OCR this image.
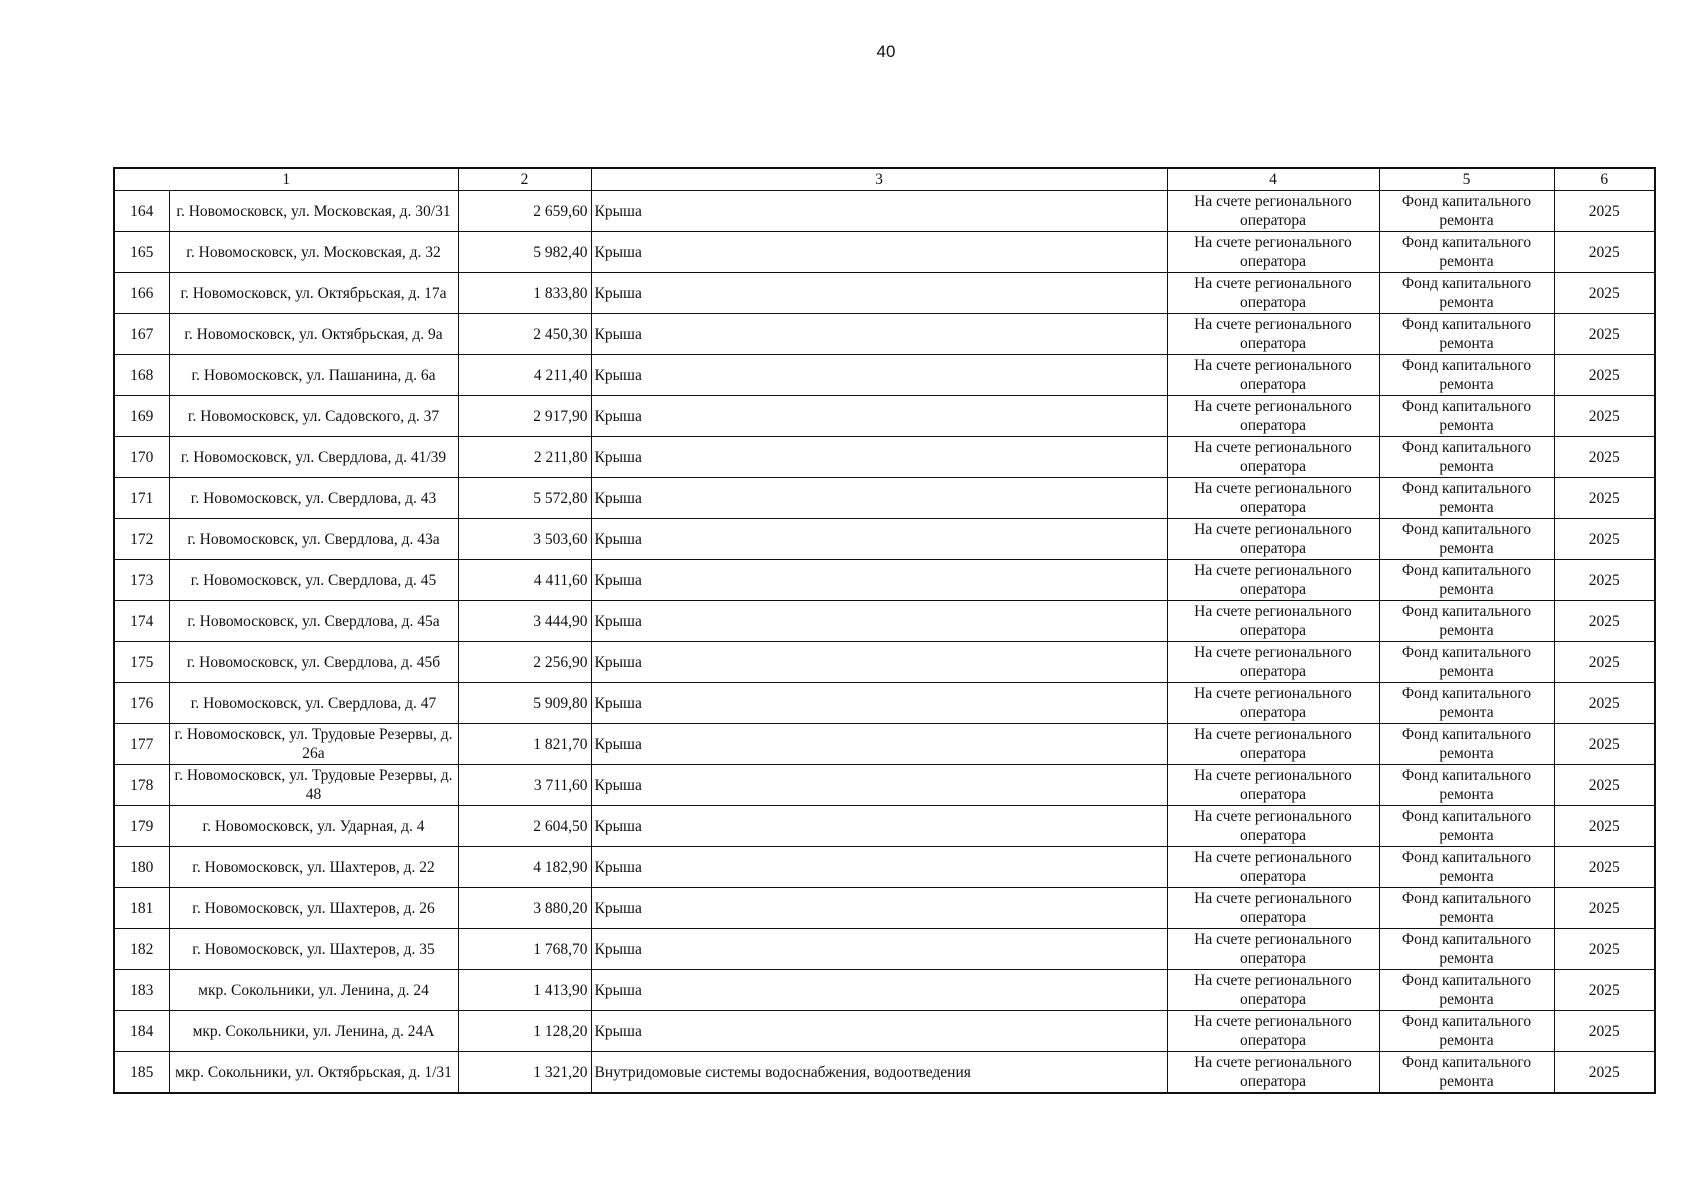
40
1		2	3	4	5	6
164	г. Новомосковск, ул. Московская, д. 30/31	2 659,60	Крыша	На счете регионального оператора	Фонд капитального ремонта	2025
165	г. Новомосковск, ул. Московская, д. 32	5 982,40	Крыша	На счете регионального оператора	Фонд капитального ремонта	2025
166	г. Новомосковск, ул. Октябрьская, д. 17а	1 833,80	Крыша	На счете регионального оператора	Фонд капитального ремонта	2025
167	г. Новомосковск, ул. Октябрьская, д. 9а	2 450,30	Крыша	На счете регионального оператора	Фонд капитального ремонта	2025
168	г. Новомосковск, ул. Пашанина, д. 6а	4 211,40	Крыша	На счете регионального оператора	Фонд капитального ремонта	2025
169	г. Новомосковск, ул. Садовского, д. 37	2 917,90	Крыша	На счете регионального оператора	Фонд капитального ремонта	2025
170	г. Новомосковск, ул. Свердлова, д. 41/39	2 211,80	Крыша	На счете регионального оператора	Фонд капитального ремонта	2025
171	г. Новомосковск, ул. Свердлова, д. 43	5 572,80	Крыша	На счете регионального оператора	Фонд капитального ремонта	2025
172	г. Новомосковск, ул. Свердлова, д. 43а	3 503,60	Крыша	На счете регионального оператора	Фонд капитального ремонта	2025
173	г. Новомосковск, ул. Свердлова, д. 45	4 411,60	Крыша	На счете регионального оператора	Фонд капитального ремонта	2025
174	г. Новомосковск, ул. Свердлова, д. 45а	3 444,90	Крыша	На счете регионального оператора	Фонд капитального ремонта	2025
175	г. Новомосковск, ул. Свердлова, д. 45б	2 256,90	Крыша	На счете регионального оператора	Фонд капитального ремонта	2025
176	г. Новомосковск, ул. Свердлова, д. 47	5 909,80	Крыша	На счете регионального оператора	Фонд капитального ремонта	2025
177	г. Новомосковск, ул. Трудовые Резервы, д. 26а	1 821,70	Крыша	На счете регионального оператора	Фонд капитального ремонта	2025
178	г. Новомосковск, ул. Трудовые Резервы, д. 48	3 711,60	Крыша	На счете регионального оператора	Фонд капитального ремонта	2025
179	г. Новомосковск, ул. Ударная, д. 4	2 604,50	Крыша	На счете регионального оператора	Фонд капитального ремонта	2025
180	г. Новомосковск, ул. Шахтеров, д. 22	4 182,90	Крыша	На счете регионального оператора	Фонд капитального ремонта	2025
181	г. Новомосковск, ул. Шахтеров, д. 26	3 880,20	Крыша	На счете регионального оператора	Фонд капитального ремонта	2025
182	г. Новомосковск, ул. Шахтеров, д. 35	1 768,70	Крыша	На счете регионального оператора	Фонд капитального ремонта	2025
183	мкр. Сокольники, ул. Ленина, д. 24	1 413,90	Крыша	На счете регионального оператора	Фонд капитального ремонта	2025
184	мкр. Сокольники, ул. Ленина, д. 24А	1 128,20	Крыша	На счете регионального оператора	Фонд капитального ремонта	2025
185	мкр. Сокольники, ул. Октябрьская, д. 1/31	1 321,20	Внутридомовые системы водоснабжения, водоотведения	На счете регионального оператора	Фонд капитального ремонта	2025
